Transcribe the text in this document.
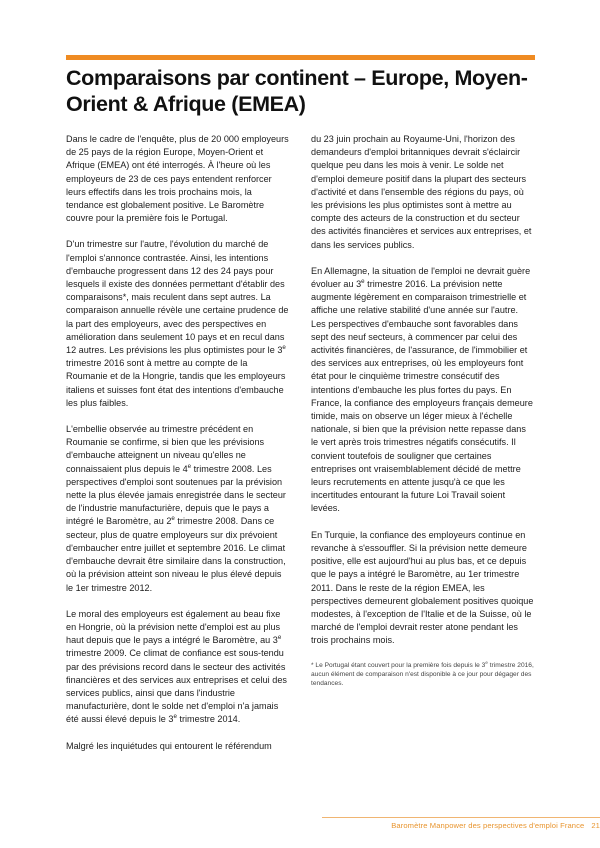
Comparaisons par continent – Europe, Moyen-Orient & Afrique (EMEA)

Dans le cadre de l'enquête, plus de 20 000 employeurs de 25 pays de la région Europe, Moyen-Orient et Afrique (EMEA) ont été interrogés. À l'heure où les employeurs de 23 de ces pays entendent renforcer leurs effectifs dans les trois prochains mois, la tendance est globalement positive. Le Baromètre couvre pour la première fois le Portugal.

D'un trimestre sur l'autre, l'évolution du marché de l'emploi s'annonce contrastée. Ainsi, les intentions d'embauche progressent dans 12 des 24 pays pour lesquels il existe des données permettant d'établir des comparaisons*, mais reculent dans sept autres. La comparaison annuelle révèle une certaine prudence de la part des employeurs, avec des perspectives en amélioration dans seulement 10 pays et en recul dans 12 autres. Les prévisions les plus optimistes pour le 3e trimestre 2016 sont à mettre au compte de la Roumanie et de la Hongrie, tandis que les employeurs italiens et suisses font état des intentions d'embauche les plus faibles.

L'embellie observée au trimestre précédent en Roumanie se confirme, si bien que les prévisions d'embauche atteignent un niveau qu'elles ne connaissaient plus depuis le 4e trimestre 2008. Les perspectives d'emploi sont soutenues par la prévision nette la plus élevée jamais enregistrée dans le secteur de l'industrie manufacturière, depuis que le pays a intégré le Baromètre, au 2e trimestre 2008. Dans ce secteur, plus de quatre employeurs sur dix prévoient d'embaucher entre juillet et septembre 2016. Le climat d'embauche devrait être similaire dans la construction, où la prévision atteint son niveau le plus élevé depuis le 1er trimestre 2012.

Le moral des employeurs est également au beau fixe en Hongrie, où la prévision nette d'emploi est au plus haut depuis que le pays a intégré le Baromètre, au 3e trimestre 2009. Ce climat de confiance est sous-tendu par des prévisions record dans le secteur des activités financières et des services aux entreprises et celui des services publics, ainsi que dans l'industrie manufacturière, dont le solde net d'emploi n'a jamais été aussi élevé depuis le 3e trimestre 2014.

Malgré les inquiétudes qui entourent le référendum

du 23 juin prochain au Royaume-Uni, l'horizon des demandeurs d'emploi britanniques devrait s'éclaircir quelque peu dans les mois à venir. Le solde net d'emploi demeure positif dans la plupart des secteurs d'activité et dans l'ensemble des régions du pays, où les prévisions les plus optimistes sont à mettre au compte des acteurs de la construction et du secteur des activités financières et services aux entreprises, et dans les services publics.

En Allemagne, la situation de l'emploi ne devrait guère évoluer au 3e trimestre 2016. La prévision nette augmente légèrement en comparaison trimestrielle et affiche une relative stabilité d'une année sur l'autre. Les perspectives d'embauche sont favorables dans sept des neuf secteurs, à commencer par celui des activités financières, de l'assurance, de l'immobilier et des services aux entreprises, où les employeurs font état pour le cinquième trimestre consécutif des intentions d'embauche les plus fortes du pays. En France, la confiance des employeurs français demeure timide, mais on observe un léger mieux à l'échelle nationale, si bien que la prévision nette repasse dans le vert après trois trimestres négatifs consécutifs. Il convient toutefois de souligner que certaines entreprises ont vraisemblablement décidé de mettre leurs recrutements en attente jusqu'à ce que les incertitudes entourant la future Loi Travail soient levées.

En Turquie, la confiance des employeurs continue en revanche à s'essouffler. Si la prévision nette demeure positive, elle est aujourd'hui au plus bas, et ce depuis que le pays a intégré le Baromètre, au 1er trimestre 2011. Dans le reste de la région EMEA, les perspectives demeurent globalement positives quoique modestes, à l'exception de l'Italie et de la Suisse, où le marché de l'emploi devrait rester atone pendant les trois prochains mois.

* Le Portugal étant couvert pour la première fois depuis le 3e trimestre 2016, aucun élément de comparaison n'est disponible à ce jour pour dégager des tendances.

Baromètre Manpower des perspectives d'emploi France 21
